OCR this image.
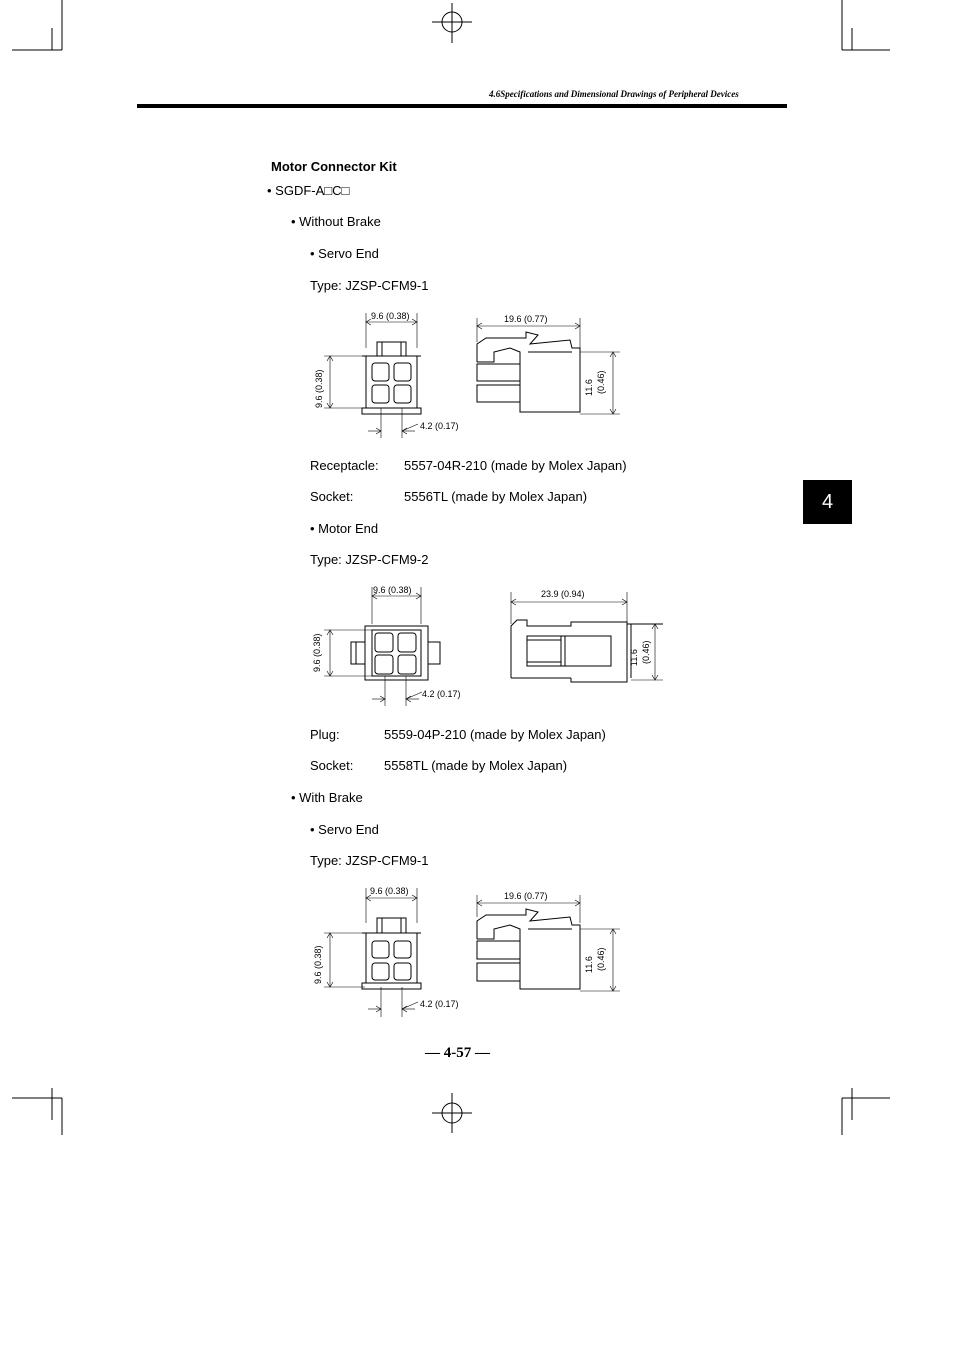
4.6Specifications and Dimensional Drawings of Peripheral Devices
4
Motor Connector Kit
• SGDF-A□C□
• Without Brake
• Servo End
Type: JZSP-CFM9-1
9.6 (0.38)
9.6 (0.38)
4.2 (0.17)
19.6 (0.77)
11.6 (0.46)
Receptacle: 5557-04R-210 (made by Molex Japan)
Socket:	5556TL (made by Molex Japan)
• Motor End
Type: JZSP-CFM9-2
9.6 (0.38)
9.6 (0.38)
4.2 (0.17)
23.9 (0.94)
11.6 (0.46)
Plug:	5559-04P-210 (made by Molex Japan)
Socket: 5558TL (made by Molex Japan)
• With Brake
• Servo End
Type: JZSP-CFM9-1
9.6 (0.38)
9.6 (0.38)
4.2 (0.17)
19.6 (0.77)
11.6 (0.46)
— 4-57 —
